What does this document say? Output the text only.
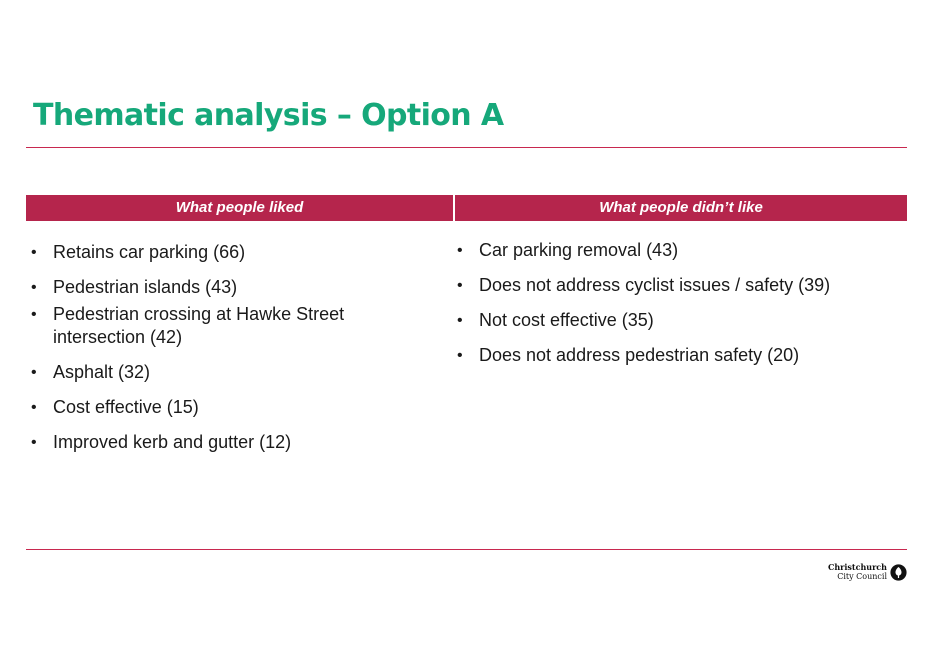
Thematic analysis – Option A
What people liked	What people didn’t like
• Retains car parking (66)
• Pedestrian islands (43)
• Pedestrian crossing at Hawke Street intersection (42)
• Asphalt (32)
• Cost effective (15)
• Improved kerb and gutter (12)
• Car parking removal (43)
• Does not address cyclist issues / safety (39)
• Not cost effective (35)
• Does not address pedestrian safety (20)
Christchurch
City Council
